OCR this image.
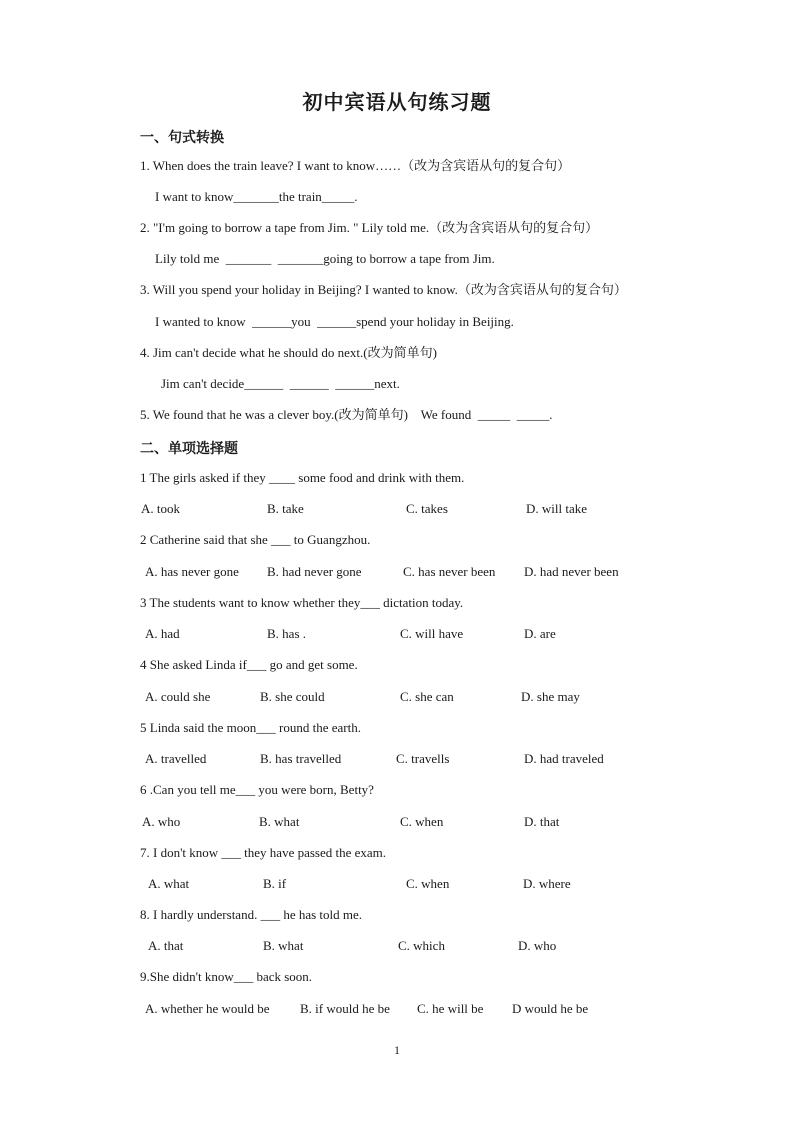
初中宾语从句练习题
一、句式转换
1. When does the train leave? I want to know……（改为含宾语从句的复合句）
I want to know_______the train_____.
2. "I'm going to borrow a tape from Jim. " Lily told me.（改为含宾语从句的复合句）
Lily told me  _______  _______going to borrow a tape from Jim.
3. Will you spend your holiday in Beijing? I wanted to know.（改为含宾语从句的复合句）
I wanted to know  ______you  ______spend your holiday in Beijing.
4. Jim can't decide what he should do next.(改为简单句)
Jim can't decide______  ______  ______next.
5. We found that he was a clever boy.(改为简单句)    We found  _____  _____.
二、单项选择题
1 The girls asked if they ____ some food and drink with them.
A. took	B. take	C. takes	D. will take
2 Catherine said that she ___ to Guangzhou.
A. has never gone B. had never gone	C. has never been D. had never been
3 The students want to know whether they___ dictation today.
A. had	B. has .	C. will have	D. are
4 She asked Linda if___ go and get some.
A. could she	B. she could	C. she can	D. she may
5 Linda said the moon___ round the earth.
A. travelled	B. has travelled	C. travells	D. had traveled
6 .Can you tell me___ you were born, Betty?
A. who	B. what	C. when	D. that
7. I don't know ___ they have passed the exam.
A. what	B. if	C. when	D. where
8. I hardly understand. ___ he has told me.
A. that	B. what	C. which	D. who
9.She didn't know___ back soon.
A. whether he would be B. if would he be C. he will be D would he be
1
